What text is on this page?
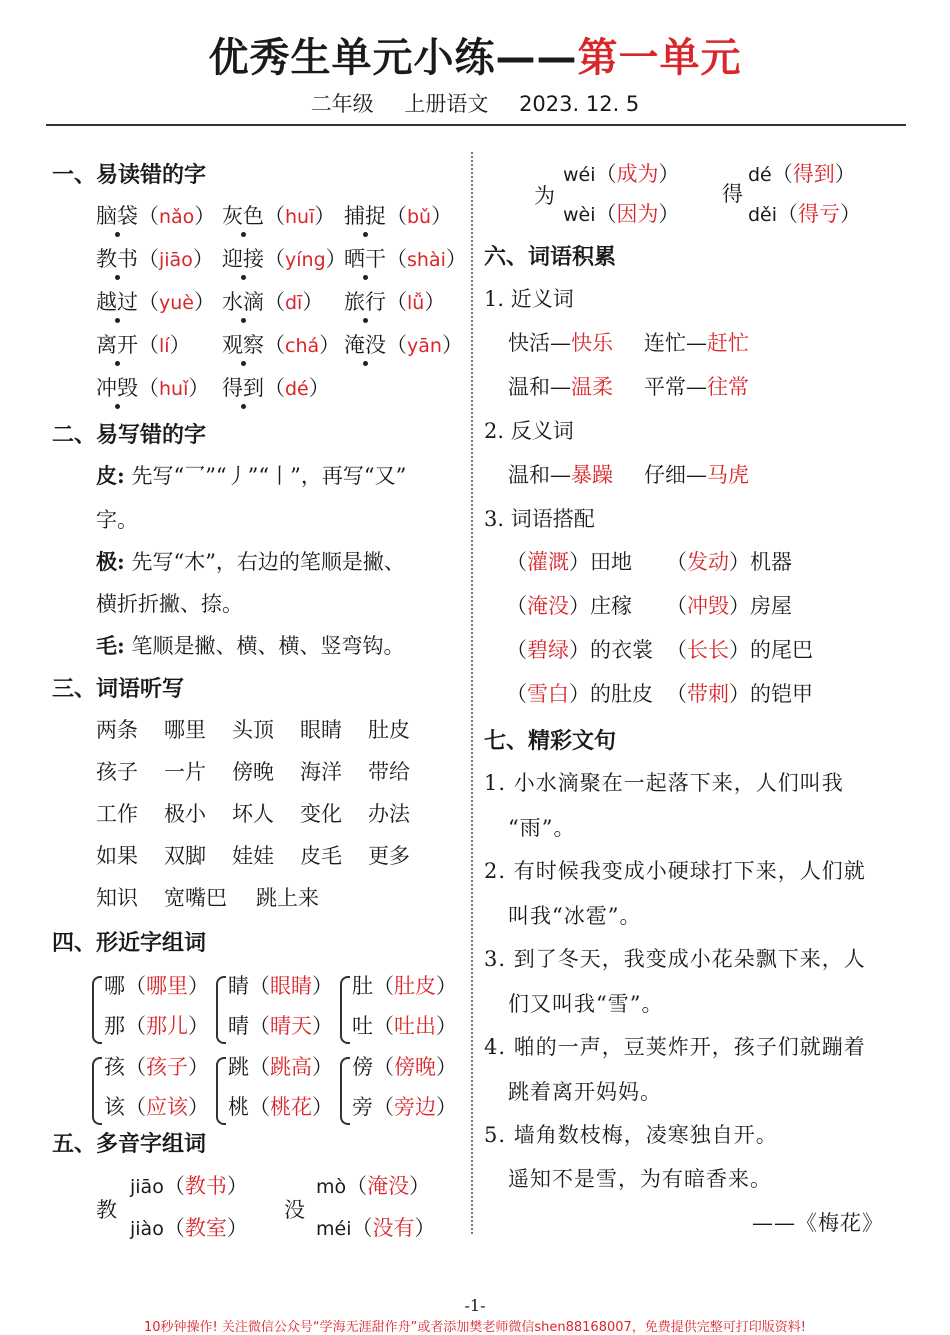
优秀生单元小练——第一单元
二年级 上册语文 2023. 12. 5
一、易读错的字
脑袋（nǎo） 灰色（huī） 捕捉（bǔ）
教书（jiāo） 迎接（yíng）
晒干（shài）
越过（yuè） 水滴（dī） 旅行（lǚ）
离开（lí） 观察（chá） 淹没（yān）
冲毁（huǐ） 得到（dé）
二、易写错的字
皮: 先写“乛”“丿”“丨”，再写“又”
字。
极: 先写“木”，右边的笔顺是撇、
横折折撇、捺。
毛: 笔顺是撇、横、横、竖弯钩。
三、词语听写
两条 哪里 头顶 眼睛 肚皮
孩子 一片 傍晚 海洋 带给
工作 极小 坏人 变化 办法
如果 双脚 娃娃 皮毛 更多
知识 宽嘴巴 跳上来
四、形近字组词
哪（哪里）
那（那儿）
睛（眼睛）
晴（晴天）
肚（肚皮）
吐（吐出）
孩（孩子）
该（应该）
跳（跳高）
桃（桃花）
傍（傍晚）
旁（旁边）
五、多音字组词
教
jiāo（教书）
jiào（教室）
没
mò（淹没）
méi（没有）
为
wéi（成为）
wèi（因为）
得
dé（得到）
děi（得亏）
六、词语积累
1. 近义词
快活—快乐 连忙—赶忙
温和—温柔 平常—往常
2. 反义词
温和—暴躁 仔细—马虎
3. 词语搭配
（灌溉）田地 （发动）机器
（淹没）庄稼 （冲毁）房屋
（碧绿）的衣裳 （长长）的尾巴
（雪白）的肚皮 （带刺）的铠甲
七、精彩文句
1. 小水滴聚在一起落下来，人们叫我
“雨”。
2. 有时候我变成小硬球打下来，人们就
叫我“冰雹”。
3. 到了冬天，我变成小花朵飘下来，人
们又叫我“雪”。
4. 啪的一声，豆荚炸开，孩子们就蹦着
跳着离开妈妈。
5. 墙角数枝梅，凌寒独自开。
遥知不是雪，为有暗香来。
——《梅花》
-1-
10秒钟操作! 关注微信公众号“学海无涯甜作舟”或者添加樊老师微信shen88168007，免费提供完整可打印版资料!
